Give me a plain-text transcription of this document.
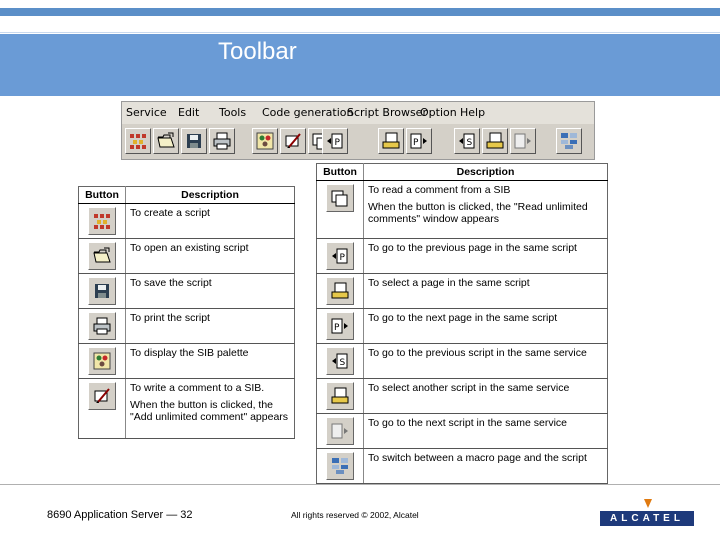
Toolbar
Service Edit Tools Code generation
Script Browser
Option Help
P	P	S
Button	Description

To create a script

To open an existing script

To save the script

To print the script

To display the SIB palette

To write a comment to a SIB.

When the button is clicked, the "Add unlimited comment" appears

Button	Description

To read a comment from a SIB

When the button is clicked, the "Read unlimited comments" window appears

P	To go to the previous page in the same script

To select a page in the same script

P	To go to the next page in the same script

S	To go to the previous script in the same service

To select another script in the same service

To go to the next script in the same service

To switch between a macro page and the script

8690 Application Server — 32	All rights reserved © 2002, Alcatel	ALCATEL
